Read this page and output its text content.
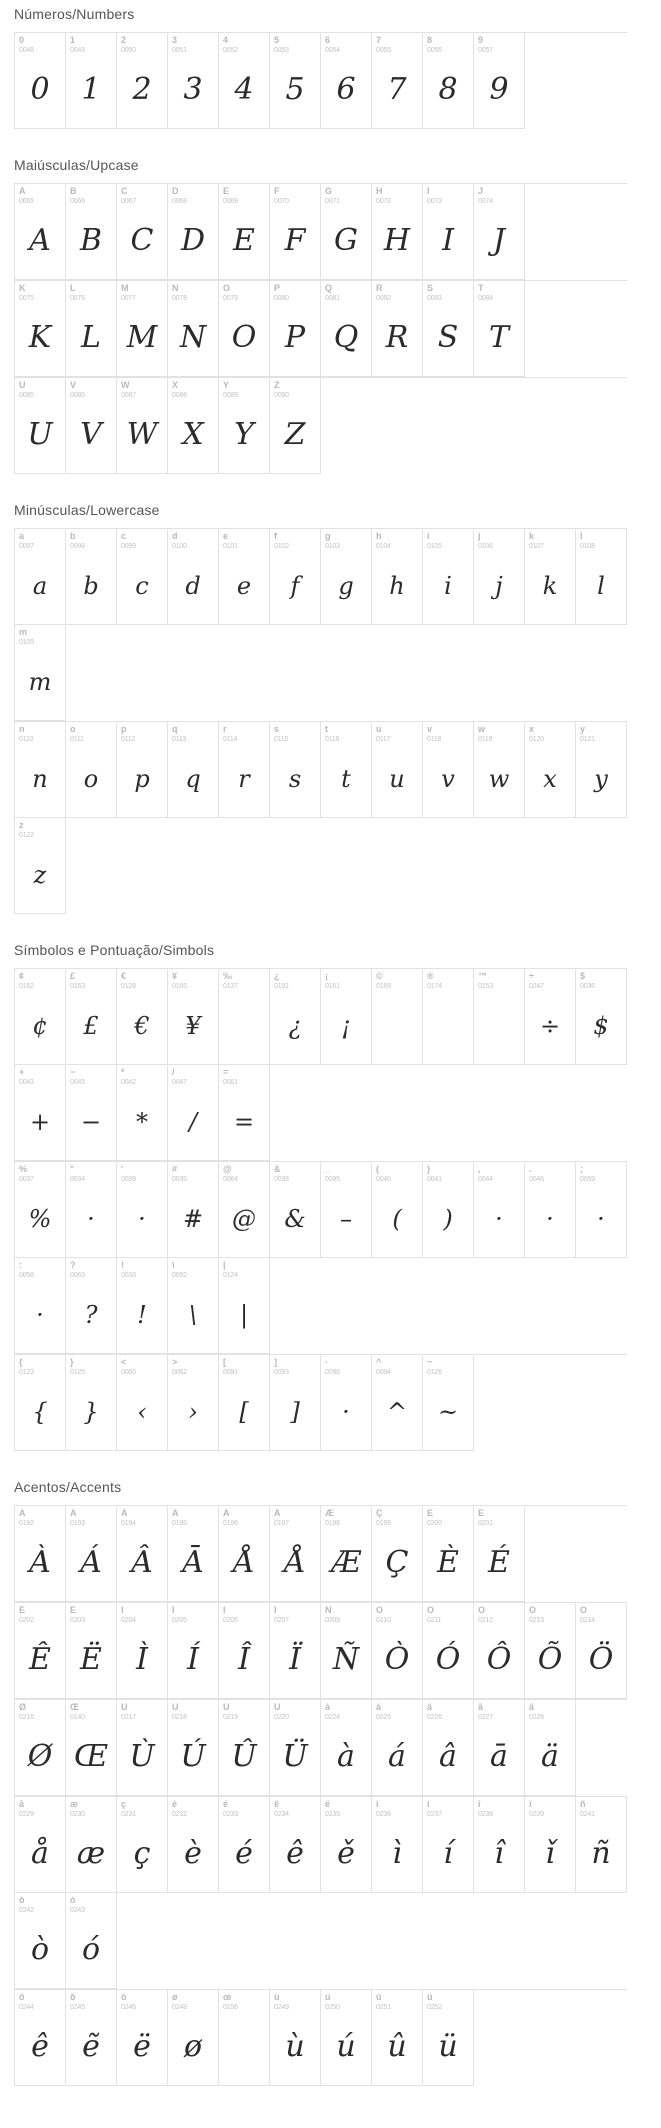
Números/Numbers
0
0048
0
1
0049
1
2
0050
2
3
0051
3
4
0052
4
5
0053
5
6
0054
6
7
0055
7
8
0056
8
9
0057
9
Maiúsculas/Upcase
A
0065
A
B
0066
B
C
0067
C
D
0068
D
E
0069
E
F
0070
F
G
0071
G
H
0072
H
I
0073
I
J
0074
J
K
0075
K
L
0076
L
M
0077
M
N
0078
N
O
0079
O
P
0080
P
Q
0081
Q
R
0082
R
S
0083
S
T
0084
T
U
0085
U
V
0086
V
W
0087
W
X
0088
X
Y
0089
Y
Z
0090
Z
Minúsculas/Lowercase
a
0097
a
b
0098
b
c
0099
c
d
0100
d
e
0101
e
f
0102
f
g
0103
g
h
0104
h
i
0105
i
j
0106
j
k
0107
k
l
0108
l
m
0109
m
n
0110
n
o
0111
o
p
0112
p
q
0113
q
r
0114
r
s
0115
s
t
0116
t
u
0117
u
v
0118
v
w
0119
w
x
0120
x
y
0121
y
z
0122
z
Símbolos e Pontuação/Simbols
¢
0162
¢
£
0163
£
€
0128
€
¥
0165
¥
‰
0137
¿
0191
¿
¡
0161
¡
©
0169
®
0174
™
0153
÷
0247
÷
$
0036
$
+
0043
+
−
0045
−
*
0042
*
/
0047
/
=
0061
=
%
0037
%
"
0034
·
'
0039
·
#
0035
#
@
0064
@
&
0038
&
_
0095
–
(
0040
(
)
0041
)
,
0044
·
.
0046
·
;
0059
·
:
0058
·
?
0063
?
!
0033
!
\
0092
\
|
0124
|
{
0123
{
}
0125
}
<
0060
‹
>
0062
›
[
0091
[
]
0093
]
·
0096
·
^
0094
^
~
0126
~
Acentos/Accents
Â
0192
À
Á
0193
Á
Â
0194
Â
Ã
0195
Ā
Ä
0196
Å
Å
0197
Å
Æ
0198
Æ
Ç
0199
Ç
È
0200
È
É
0201
É
Ê
0202
Ê
Ë
0203
Ë
Ì
0204
Ì
Í
0205
Í
Î
0206
Î
Ï
0207
Ï
Ñ
0209
Ñ
Ò
0210
Ò
Ó
0211
Ó
Ô
0212
Ô
Õ
0213
Õ
Ö
0214
Ö
Ø
0216
Ø
Œ
0140
Œ
Ù
0217
Ù
Ú
0218
Ú
Û
0219
Û
Ü
0220
Ü
à
0224
à
á
0225
á
â
0226
â
ã
0227
ā
ä
0228
ä
å
0229
å
æ
0230
æ
ç
0231
ç
è
0232
è
é
0233
é
ê
0234
ê
ë
0235
ě
ì
0236
ì
í
0237
í
î
0238
î
ï
0239
ǐ
ñ
0241
ñ
ò
0242
ò
ó
0243
ó
ô
0244
ê
õ
0245
ẽ
ö
0246
ë
ø
0248
ø
œ
0156
ù
0249
ù
ú
0250
ú
û
0251
û
ü
0252
ü
